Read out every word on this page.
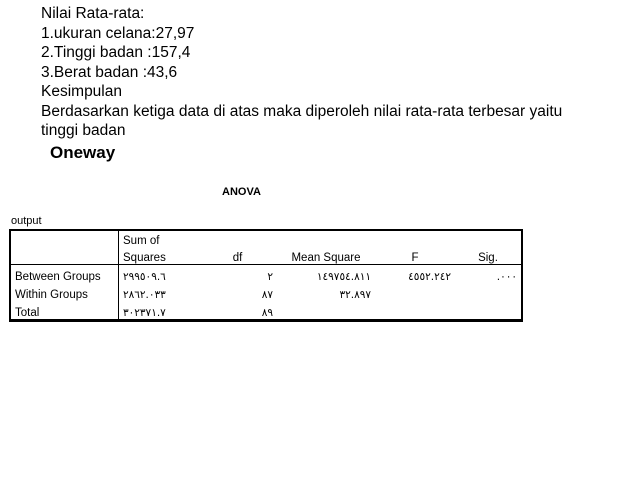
Nilai Rata-rata:
1.ukuran celana:27,97
2.Tinggi badan :157,4
3.Berat badan :43,6
Kesimpulan
Berdasarkan ketiga data di atas maka diperoleh nilai rata-rata terbesar yaitu
tinggi badan
Oneway
ANOVA
output
	Sum of				
	Squares	df	Mean Square	F	Sig.
Between Groups	٢٩٩٥٠٩.٦	٢	١٤٩٧٥٤.٨١١	٤٥٥٢.٢٤٢	.٠٠٠
Within Groups	٢٨٦٢.٠٣٣	٨٧	٣٢.٨٩٧		
Total	٣٠٢٣٧١.٧	٨٩			
